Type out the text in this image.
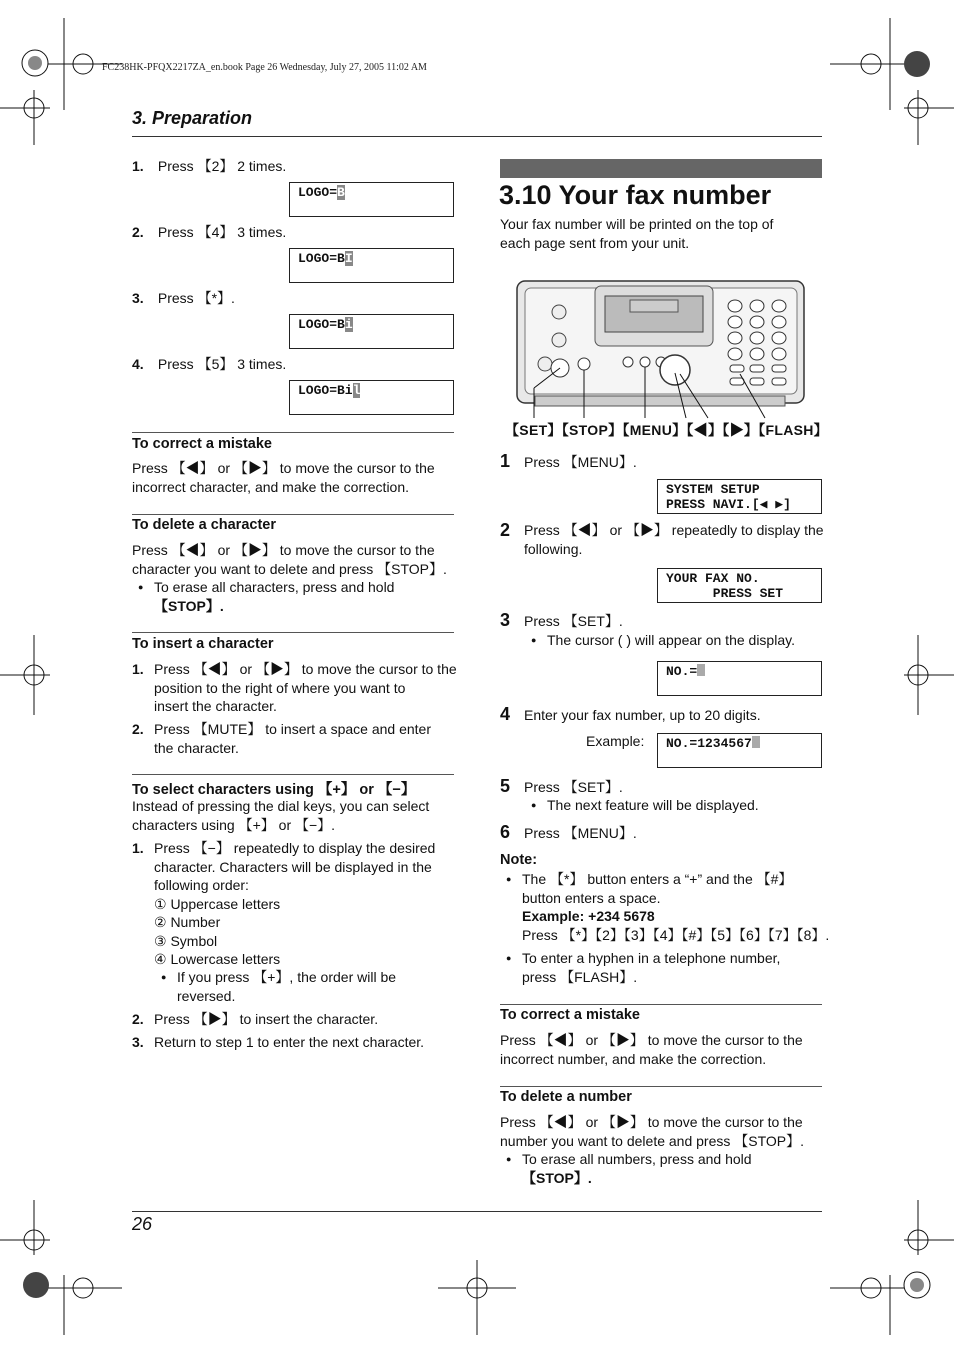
FC238HK-PFQX2217ZA_en.book Page 26 Wednesday, July 27, 2005 11:02 AM
3. Preparation
1. Press 【2】 2 times.
LOGO=B
2. Press 【4】 3 times.
LOGO=BI
3. Press 【*】.
LOGO=Bi
4. Press 【5】 3 times.
LOGO=Bil
To correct a mistake
Press 【◀】 or 【▶】 to move the cursor to the
incorrect character, and make the correction.
To delete a character
Press 【◀】 or 【▶】 to move the cursor to the
character you want to delete and press 【STOP】.
● To erase all characters, press and hold
【STOP】.
To insert a character
1. Press 【◀】 or 【▶】 to move the cursor to the
position to the right of where you want to
insert the character.
2. Press 【MUTE】 to insert a space and enter
the character.
To select characters using 【+】 or 【−】
Instead of pressing the dial keys, you can select
characters using 【+】 or 【−】.
1. Press 【−】 repeatedly to display the desired
character. Characters will be displayed in the
following order:
① Uppercase letters
② Number
③ Symbol
④ Lowercase letters
● If you press 【+】, the order will be
reversed.
2. Press 【▶】 to insert the character.
3. Return to step 1 to enter the next character.
3.10 Your fax number
Your fax number will be printed on the top of
each page sent from your unit.
【SET】【STOP】【MENU】【◀】【▶】【FLASH】
1 Press 【MENU】.
SYSTEM SETUP
PRESS NAVI.[◀ ▶]
2 Press 【◀】 or 【▶】 repeatedly to display the
following.
YOUR FAX NO.
PRESS SET
3 Press 【SET】.
● The cursor ( ) will appear on the display.
NO.=
4 Enter your fax number, up to 20 digits.
Example:	NO.=1234567
5 Press 【SET】.
● The next feature will be displayed.
6 Press 【MENU】.
Note:
● The 【*】 button enters a “+” and the 【#】
button enters a space.
Example: +234 5678
Press 【*】【2】【3】【4】【#】【5】【6】【7】【8】.
● To enter a hyphen in a telephone number,
press 【FLASH】.
To correct a mistake
Press 【◀】 or 【▶】 to move the cursor to the
incorrect number, and make the correction.
To delete a number
Press 【◀】 or 【▶】 to move the cursor to the
number you want to delete and press 【STOP】.
● To erase all numbers, press and hold
【STOP】.
26
